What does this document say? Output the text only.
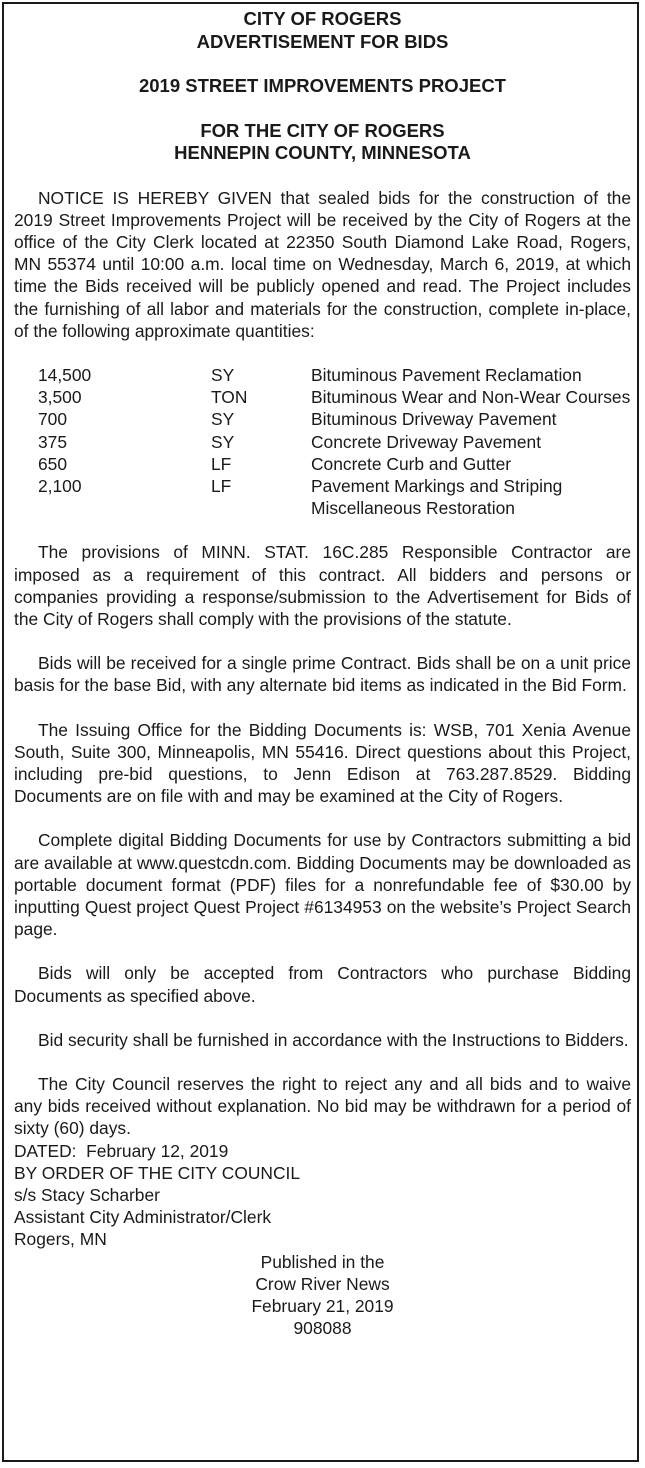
CITY OF ROGERS

ADVERTISEMENT FOR BIDS

2019 STREET IMPROVEMENTS PROJECT

FOR THE CITY OF ROGERS

HENNEPIN COUNTY, MINNESOTA

NOTICE IS HEREBY GIVEN that sealed bids for the construction of the 2019 Street Improvements Project will be received by the City of Rogers at the office of the City Clerk located at 22350 South Diamond Lake Road, Rogers, MN 55374 until 10:00 a.m. local time on Wednesday, March 6, 2019, at which time the Bids received will be publicly opened and read. The Project includes the furnishing of all labor and materials for the construction, complete in-place, of the following approximate quantities:

14,500	SY	Bituminous Pavement Reclamation
3,500	TON	Bituminous Wear and Non-Wear Courses
700	SY	Bituminous Driveway Pavement
375	SY	Concrete Driveway Pavement
650	LF	Concrete Curb and Gutter
2,100	LF	Pavement Markings and Striping
		Miscellaneous Restoration

The provisions of MINN. STAT. 16C.285 Responsible Contractor are imposed as a requirement of this contract. All bidders and persons or companies providing a response/submission to the Advertisement for Bids of the City of Rogers shall comply with the provisions of the statute.

Bids will be received for a single prime Contract. Bids shall be on a unit price basis for the base Bid, with any alternate bid items as indicated in the Bid Form.

The Issuing Office for the Bidding Documents is: WSB, 701 Xenia Avenue South, Suite 300, Minneapolis, MN 55416. Direct questions about this Project, including pre-bid questions, to Jenn Edison at 763.287.8529. Bidding Documents are on file with and may be examined at the City of Rogers.

Complete digital Bidding Documents for use by Contractors submitting a bid are available at www.questcdn.com. Bidding Documents may be downloaded as portable document format (PDF) files for a nonrefundable fee of $30.00 by inputting Quest project Quest Project #6134953 on the website’s Project Search page.

Bids will only be accepted from Contractors who purchase Bidding Documents as specified above.

Bid security shall be furnished in accordance with the Instructions to Bidders.

The City Council reserves the right to reject any and all bids and to waive any bids received without explanation. No bid may be withdrawn for a period of sixty (60) days.

DATED:  February 12, 2019

BY ORDER OF THE CITY COUNCIL

s/s Stacy Scharber

Assistant City Administrator/Clerk

Rogers, MN

Published in the

Crow River News

February 21, 2019

908088
